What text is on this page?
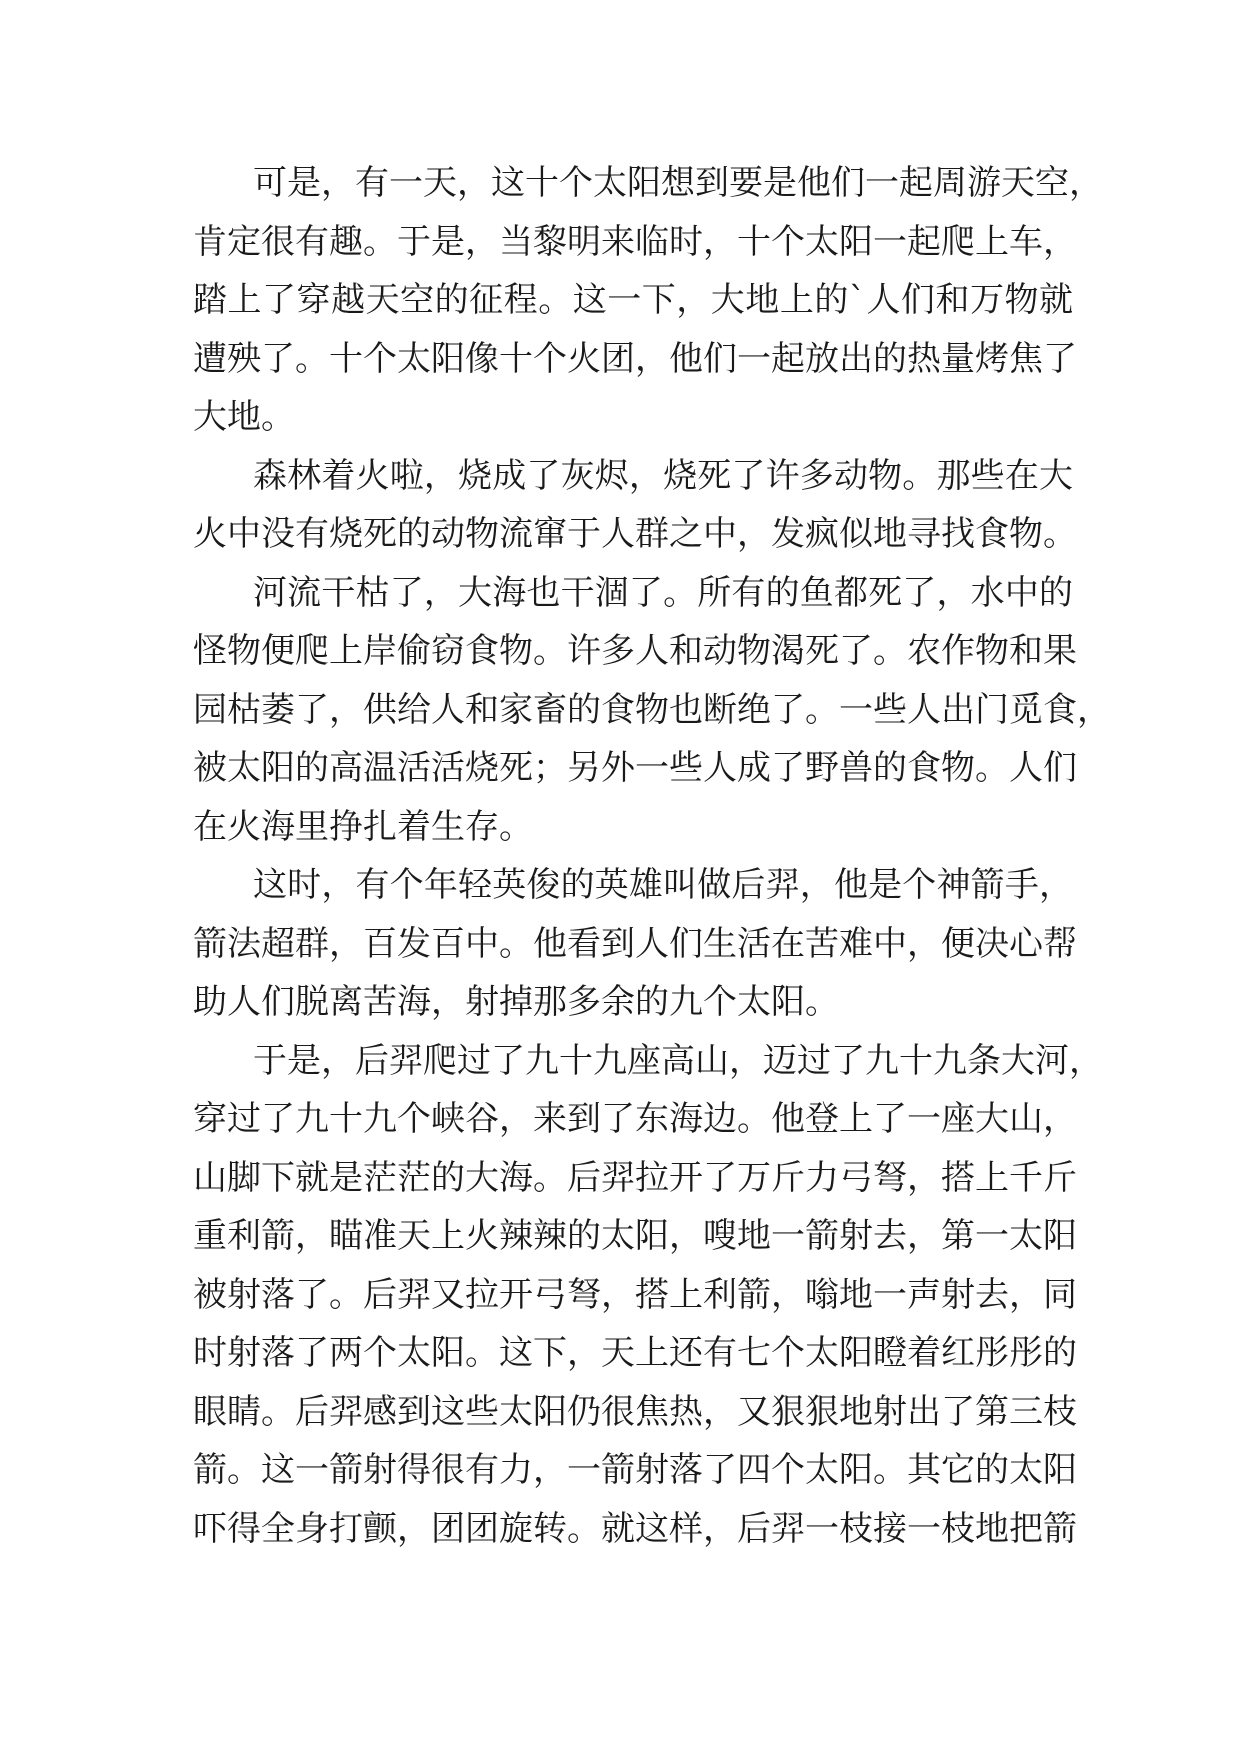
可是，有一天，这十个太阳想到要是他们一起周游天空，
肯定很有趣。于是，当黎明来临时，十个太阳一起爬上车，
踏上了穿越天空的征程。这一下，大地上的`人们和万物就
遭殃了。十个太阳像十个火团，他们一起放出的热量烤焦了
大地。
森林着火啦，烧成了灰烬，烧死了许多动物。那些在大
火中没有烧死的动物流窜于人群之中，发疯似地寻找食物。
河流干枯了，大海也干涸了。所有的鱼都死了，水中的
怪物便爬上岸偷窃食物。许多人和动物渴死了。农作物和果
园枯萎了，供给人和家畜的食物也断绝了。一些人出门觅食，
被太阳的高温活活烧死；另外一些人成了野兽的食物。人们
在火海里挣扎着生存。
这时，有个年轻英俊的英雄叫做后羿，他是个神箭手，
箭法超群，百发百中。他看到人们生活在苦难中，便决心帮
助人们脱离苦海，射掉那多余的九个太阳。
于是，后羿爬过了九十九座高山，迈过了九十九条大河，
穿过了九十九个峡谷，来到了东海边。他登上了一座大山，
山脚下就是茫茫的大海。后羿拉开了万斤力弓弩，搭上千斤
重利箭，瞄准天上火辣辣的太阳，嗖地一箭射去，第一太阳
被射落了。后羿又拉开弓弩，搭上利箭，嗡地一声射去，同
时射落了两个太阳。这下，天上还有七个太阳瞪着红彤彤的
眼睛。后羿感到这些太阳仍很焦热，又狠狠地射出了第三枝
箭。这一箭射得很有力，一箭射落了四个太阳。其它的太阳
吓得全身打颤，团团旋转。就这样，后羿一枝接一枝地把箭
